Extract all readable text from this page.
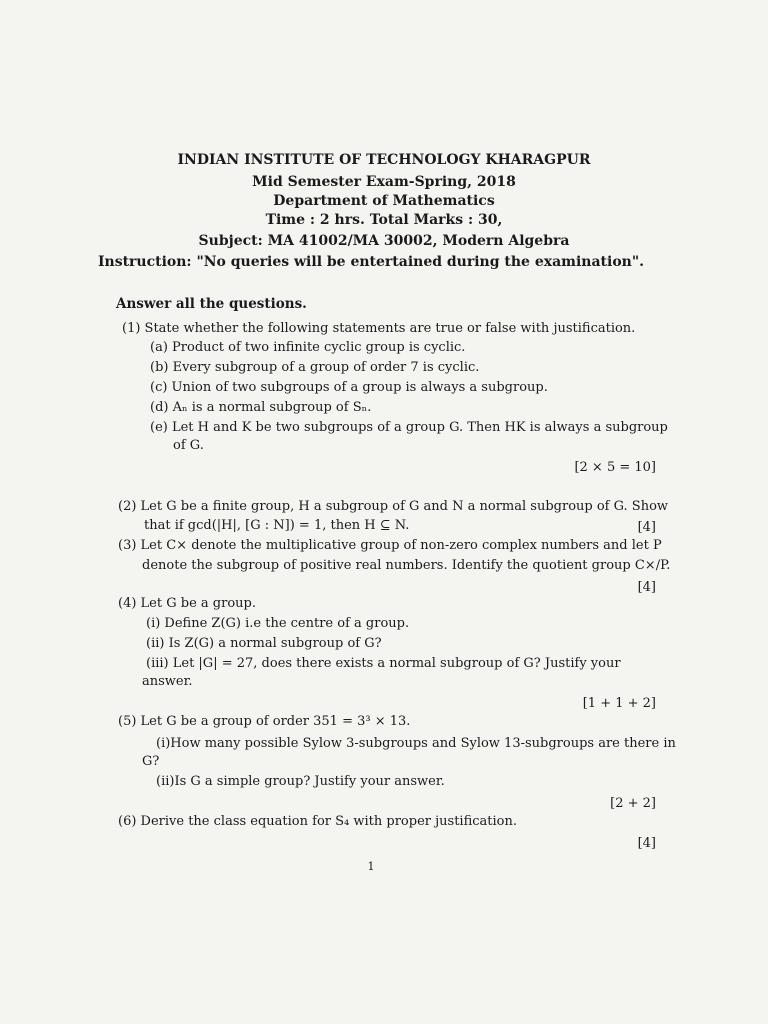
INDIAN INSTITUTE OF TECHNOLOGY KHARAGPUR
Mid Semester Exam-Spring, 2018
Department of Mathematics
Time : 2 hrs. Total Marks : 30,
Subject: MA 41002/MA 30002, Modern Algebra
Instruction: "No queries will be entertained during the examination".
Answer all the questions.
(1) State whether the following statements are true or false with justification.
(a) Product of two infinite cyclic group is cyclic.
(b) Every subgroup of a group of order 7 is cyclic.
(c) Union of two subgroups of a group is always a subgroup.
(d) Aₙ is a normal subgroup of Sₙ.
(e) Let H and K be two subgroups of a group G. Then HK is always a subgroup
of G.
[2 × 5 = 10]
(2) Let G be a finite group, H a subgroup of G and N a normal subgroup of G. Show
that if gcd(|H|, [G : N]) = 1, then H ⊆ N.	[4]
(3) Let C× denote the multiplicative group of non-zero complex numbers and let P
denote the subgroup of positive real numbers. Identify the quotient group C×/P.
[4]
(4) Let G be a group.
(i) Define Z(G) i.e the centre of a group.
(ii) Is Z(G) a normal subgroup of G?
(iii) Let |G| = 27, does there exists a normal subgroup of G? Justify your
answer.
[1 + 1 + 2]
(5) Let G be a group of order 351 = 3³ × 13.
(i)How many possible Sylow 3-subgroups and Sylow 13-subgroups are there in
G?
(ii)Is G a simple group? Justify your answer.
[2 + 2]
(6) Derive the class equation for S₄ with proper justification.
[4]
1
